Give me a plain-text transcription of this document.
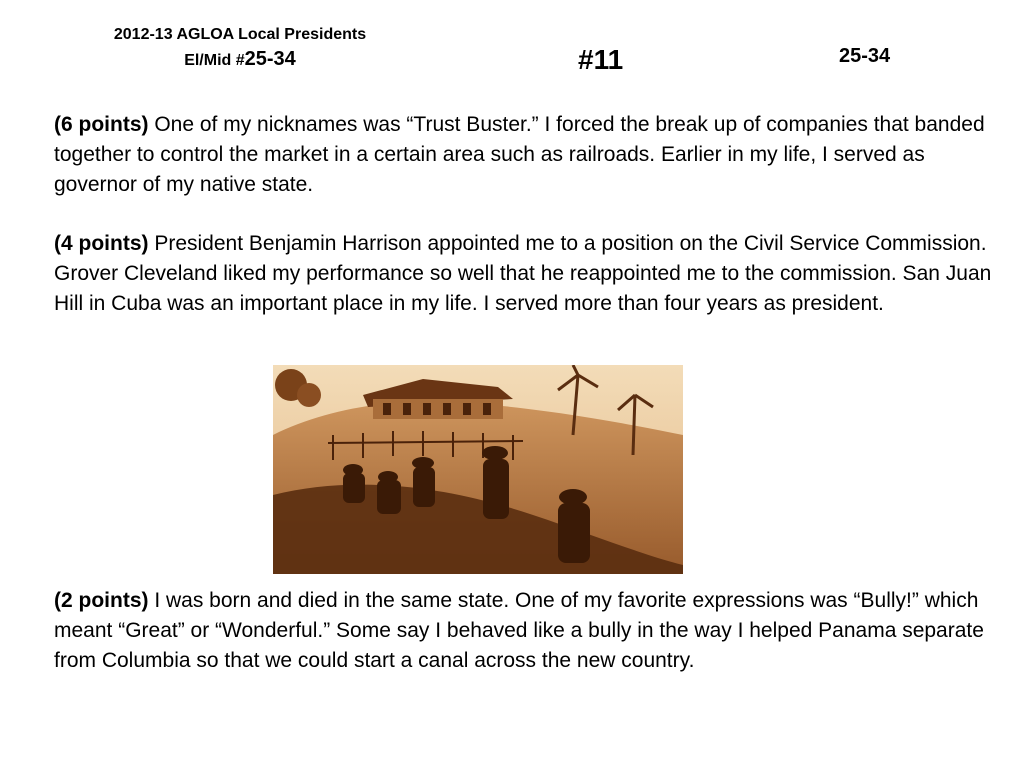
2012-13 AGLOA Local Presidents
El/Mid #25-34	#11	25-34
(6 points) One of my nicknames was “Trust Buster.” I forced the break up of companies that banded together to control the market in a certain area such as railroads. Earlier in my life, I served as governor of my native state.
(4 points) President Benjamin Harrison appointed me to a position on the Civil Service Commission. Grover Cleveland liked my performance so well that he reappointed me to the commission. San Juan Hill in Cuba was an important place in my life. I served more than four years as president.
(2 points) I was born and died in the same state. One of my favorite expressions was “Bully!” which meant “Great” or “Wonderful.” Some say I behaved like a bully in the way I helped Panama separate from Columbia so that we could start a canal across the new country.
